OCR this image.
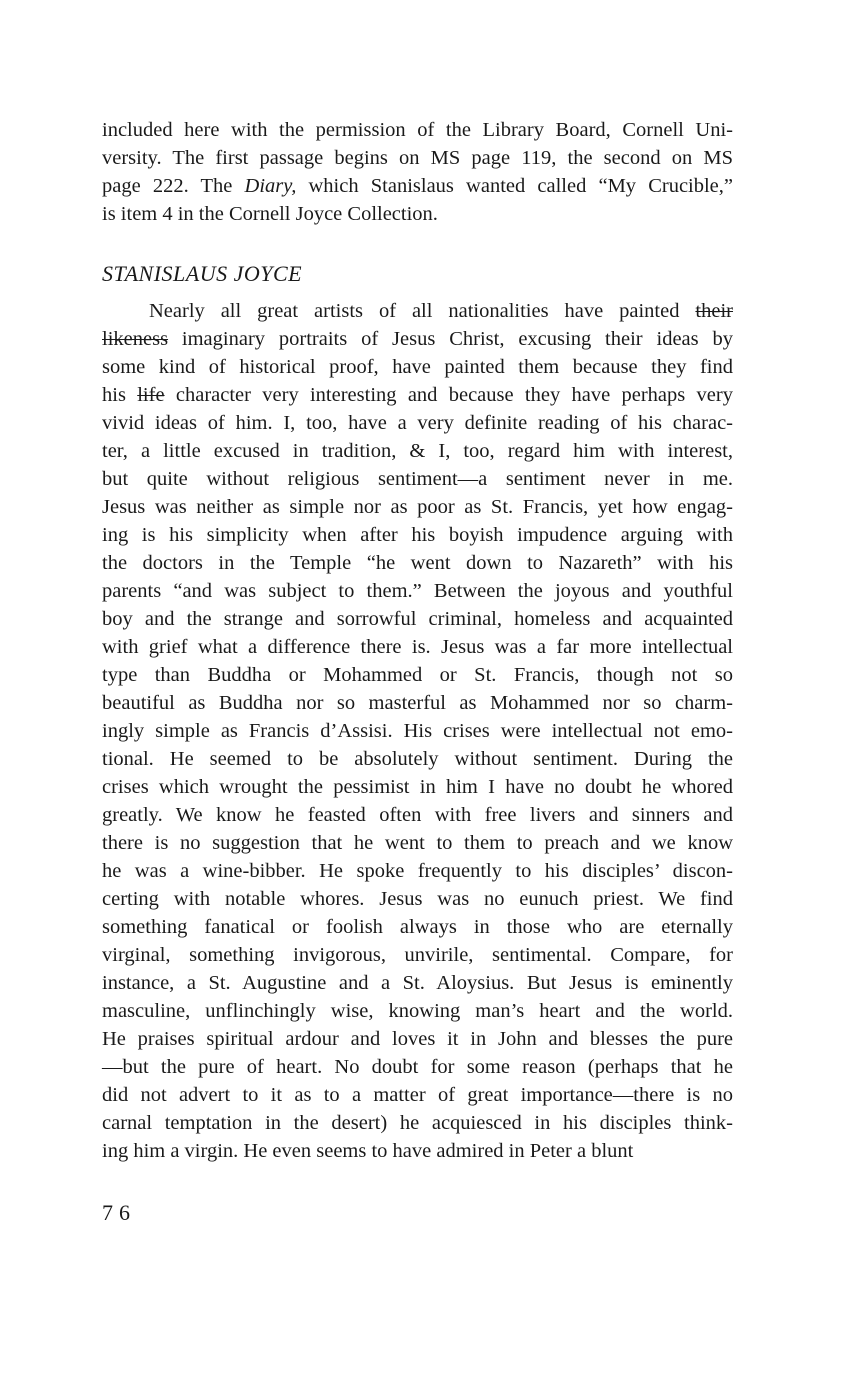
included here with the permission of the Library Board, Cornell Uni-
versity. The first passage begins on MS page 119, the second on MS
page 222. The Diary, which Stanislaus wanted called “My Crucible,”
is item 4 in the Cornell Joyce Collection.
STANISLAUS JOYCE
Nearly all great artists of all nationalities have painted their
likeness imaginary portraits of Jesus Christ, excusing their ideas by
some kind of historical proof, have painted them because they find
his life character very interesting and because they have perhaps very
vivid ideas of him. I, too, have a very definite reading of his charac-
ter, a little excused in tradition, & I, too, regard him with interest,
but quite without religious sentiment—a sentiment never in me.
Jesus was neither as simple nor as poor as St. Francis, yet how engag-
ing is his simplicity when after his boyish impudence arguing with
the doctors in the Temple “he went down to Nazareth” with his
parents “and was subject to them.” Between the joyous and youthful
boy and the strange and sorrowful criminal, homeless and acquainted
with grief what a difference there is. Jesus was a far more intellectual
type than Buddha or Mohammed or St. Francis, though not so
beautiful as Buddha nor so masterful as Mohammed nor so charm-
ingly simple as Francis d’Assisi. His crises were intellectual not emo-
tional. He seemed to be absolutely without sentiment. During the
crises which wrought the pessimist in him I have no doubt he whored
greatly. We know he feasted often with free livers and sinners and
there is no suggestion that he went to them to preach and we know
he was a wine-bibber. He spoke frequently to his disciples’ discon-
certing with notable whores. Jesus was no eunuch priest. We find
something fanatical or foolish always in those who are eternally
virginal, something invigorous, unvirile, sentimental. Compare, for
instance, a St. Augustine and a St. Aloysius. But Jesus is eminently
masculine, unflinchingly wise, knowing man’s heart and the world.
He praises spiritual ardour and loves it in John and blesses the pure
—but the pure of heart. No doubt for some reason (perhaps that he
did not advert to it as to a matter of great importance—there is no
carnal temptation in the desert) he acquiesced in his disciples think-
ing him a virgin. He even seems to have admired in Peter a blunt
76
